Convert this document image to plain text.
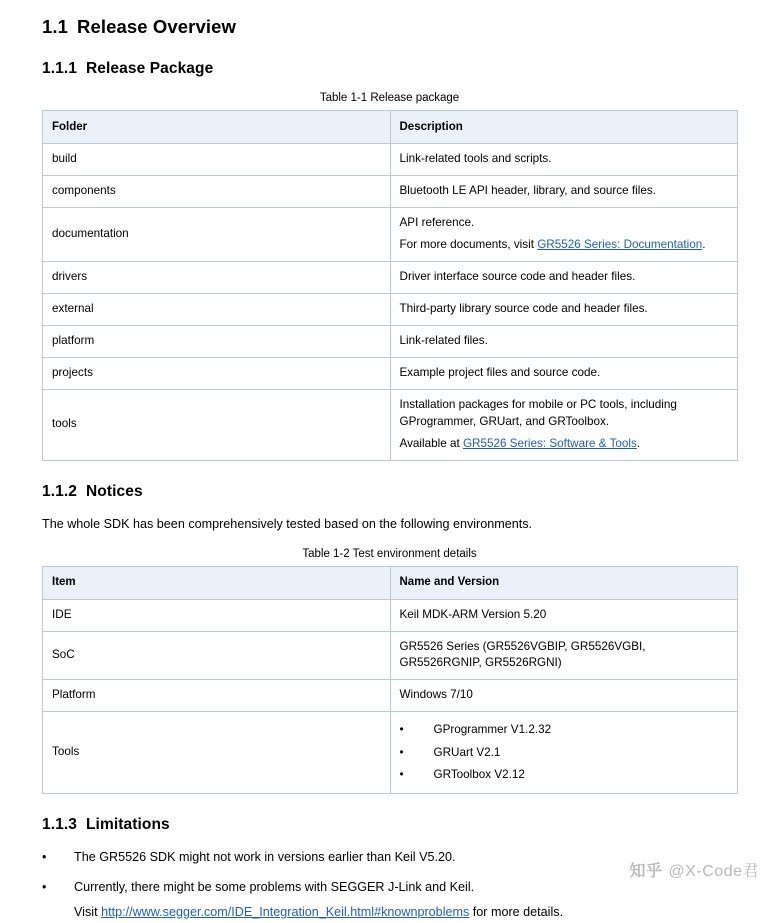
1.1 Release Overview
1.1.1 Release Package
Table 1-1 Release package
Folder	Description
build	Link-related tools and scripts.
components	Bluetooth LE API header, library, and source files.
documentation	API reference.
For more documents, visit GR5526 Series: Documentation.

drivers	Driver interface source code and header files.
external	Third-party library source code and header files.
platform	Link-related files.
projects	Example project files and source code.
tools	Installation packages for mobile or PC tools, including GProgrammer, GRUart, and GRToolbox.
Available at GR5526 Series: Software & Tools.
1.1.2 Notices

The whole SDK has been comprehensively tested based on the following environments.

Table 1-2 Test environment details
Item	Name and Version
IDE	Keil MDK-ARM Version 5.20
SoC	GR5526 Series (GR5526VGBIP, GR5526VGBI, GR5526RGNIP, GR5526RGNI)
Platform	Windows 7/10
Tools	
• GProgrammer V1.2.32
• GRUart V2.1
• GRToolbox V2.12
1.1.3 Limitations
• The GR5526 SDK might not work in versions earlier than Keil V5.20.
• Currently, there might be some problems with SEGGER J-Link and Keil.
Visit http://www.segger.com/IDE_Integration_Keil.html#knownproblems for more details.
知乎 @X-Code君
